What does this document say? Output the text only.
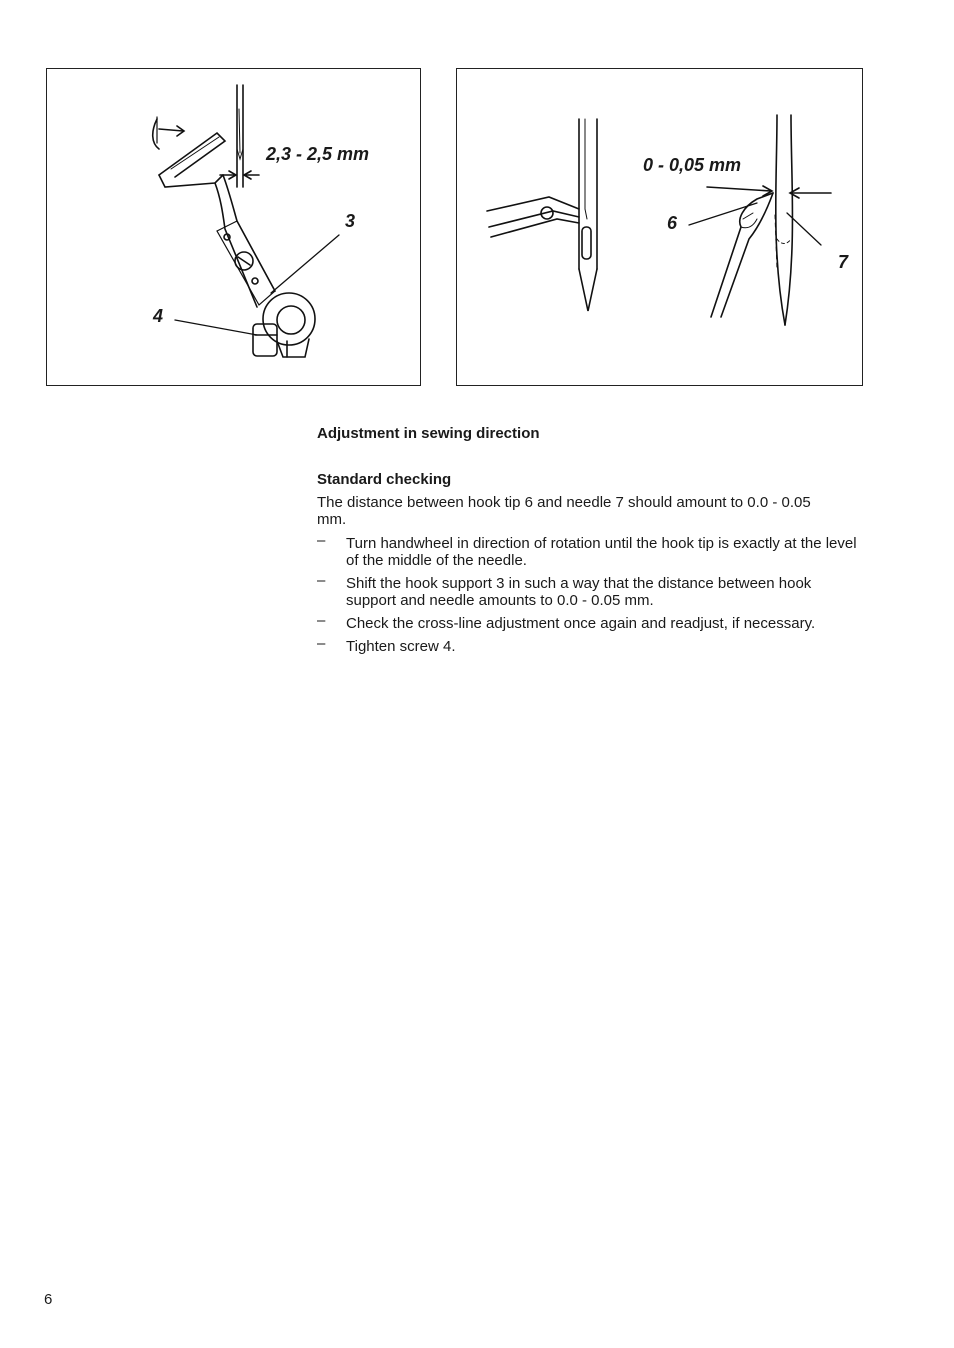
2,3 - 2,5 mm
3
4
0 - 0,05 mm
6
7

Adjustment in sewing direction

Standard checking

The distance between hook tip 6 and needle 7 should amount to 0.0 - 0.05 mm.

– Turn handwheel in direction of rotation until the hook tip is exactly at the level of the middle of the needle.
– Shift the hook support 3 in such a way that the distance between hook support and needle amounts to 0.0 - 0.05 mm.
– Check the cross-line adjustment once again and readjust, if necessary.
– Tighten screw 4.
6
